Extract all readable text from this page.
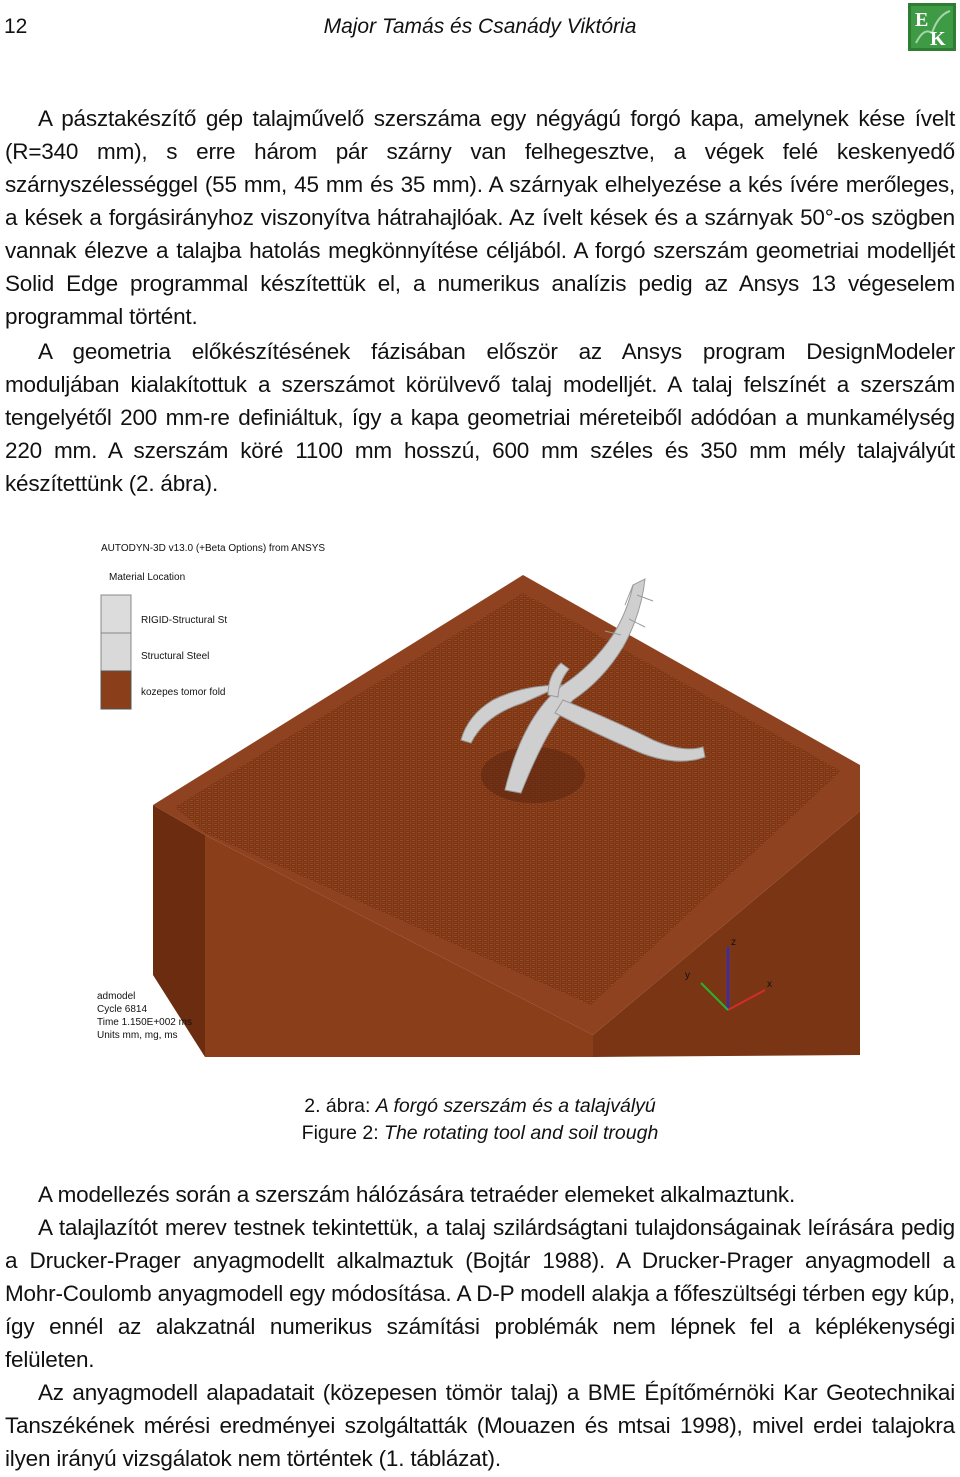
12	Major Tamás és Csanády Viktória	E
K

A pásztakészítő gép talajművelő szerszáma egy négyágú forgó kapa, amelynek kése ívelt (R=340 mm), s erre három pár szárny van felhegesztve, a végek felé keskenyedő szárnyszélességgel (55 mm, 45 mm és 35 mm). A szárnyak elhelyezése a kés ívére merőleges, a kések a forgásirányhoz viszonyítva hátrahajlóak. Az ívelt kések és a szárnyak 50°-os szögben vannak élezve a talajba hatolás megkönnyítése céljából. A forgó szerszám geometriai modelljét Solid Edge programmal készítettük el, a numerikus analízis pedig az Ansys 13 végeselem programmal történt.

A geometria előkészítésének fázisában először az Ansys program DesignModeler moduljában kialakítottuk a szerszámot körülvevő talaj modelljét. A talaj felszínét a szerszám tengelyétől 200 mm-re definiáltuk, így a kapa geometriai méreteiből adódóan a munkamélység 220 mm. A szerszám köré 1100 mm hosszú, 600 mm széles és 350 mm mély talajvályút készítettünk (2. ábra).

AUTODYN-3D v13.0 (+Beta Options) from ANSYS
Material Location
RIGID-Structural St
Structural Steel
kozepes tomor fold
admodel
Cycle 6814
Time 1.150E+002 ms
Units mm, mg, ms
z
x
y
2. ábra: A forgó szerszám és a talajvályú
Figure 2: The rotating tool and soil trough

A modellezés során a szerszám hálózására tetraéder elemeket alkalmaztunk.

A talajlazítót merev testnek tekintettük, a talaj szilárdságtani tulajdonságainak leírására pedig a Drucker-Prager anyagmodellt alkalmaztuk (Bojtár 1988). A Drucker-Prager anyagmodell a Mohr-Coulomb anyagmodell egy módosítása. A D-P modell alakja a főfeszültségi térben egy kúp, így ennél az alakzatnál numerikus számítási problémák nem lépnek fel a képlékenységi felületen.

Az anyagmodell alapadatait (közepesen tömör talaj) a BME Építőmérnöki Kar Geotechnikai Tanszékének mérési eredményei szolgáltatták (Mouazen és mtsai 1998), mivel erdei talajokra ilyen irányú vizsgálatok nem történtek (1. táblázat).
